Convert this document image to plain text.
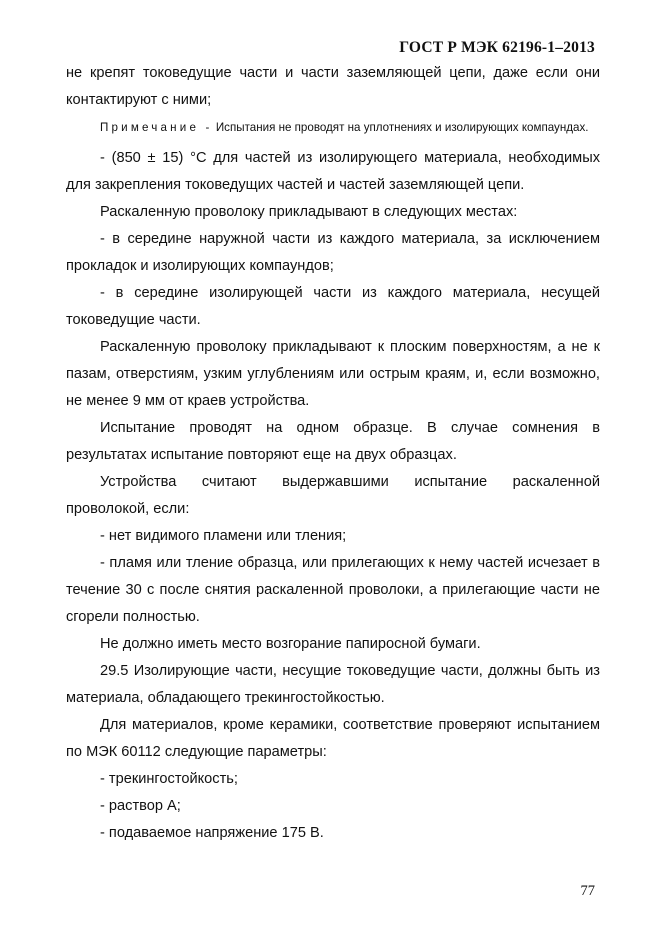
ГОСТ Р МЭК 62196-1–2013

не крепят токоведущие части и части заземляющей цепи, даже если они контактируют с ними;

Примечание - Испытания не проводят на уплотнениях и изолирующих компаундах.

- (850 ± 15) °С для частей из изолирующего материала, необходимых для закрепления токоведущих частей и частей заземляющей цепи.

Раскаленную проволоку прикладывают в следующих местах:

- в середине наружной части из каждого материала, за исключением прокладок и изолирующих компаундов;

- в середине изолирующей части из каждого материала, несущей токоведущие части.

Раскаленную проволоку прикладывают к плоским поверхностям, а не к пазам, отверстиям, узким углублениям или острым краям, и, если возможно, не менее 9 мм от краев устройства.

Испытание проводят на одном образце. В случае сомнения в результатах испытание повторяют еще на двух образцах.

Устройства считают выдержавшими испытание раскаленной проволокой, если:

- нет видимого пламени или тления;

- пламя или тление образца, или прилегающих к нему частей исчезает в течение 30 с после снятия раскаленной проволоки, а прилегающие части не сгорели полностью.

Не должно иметь место возгорание папиросной бумаги.

29.5 Изолирующие части, несущие токоведущие части, должны быть из материала, обладающего трекингостойкостью.

Для материалов, кроме керамики, соответствие проверяют испытанием по МЭК 60112 следующие параметры:

- трекингостойкость;

- раствор А;

- подаваемое напряжение 175 В.

77
